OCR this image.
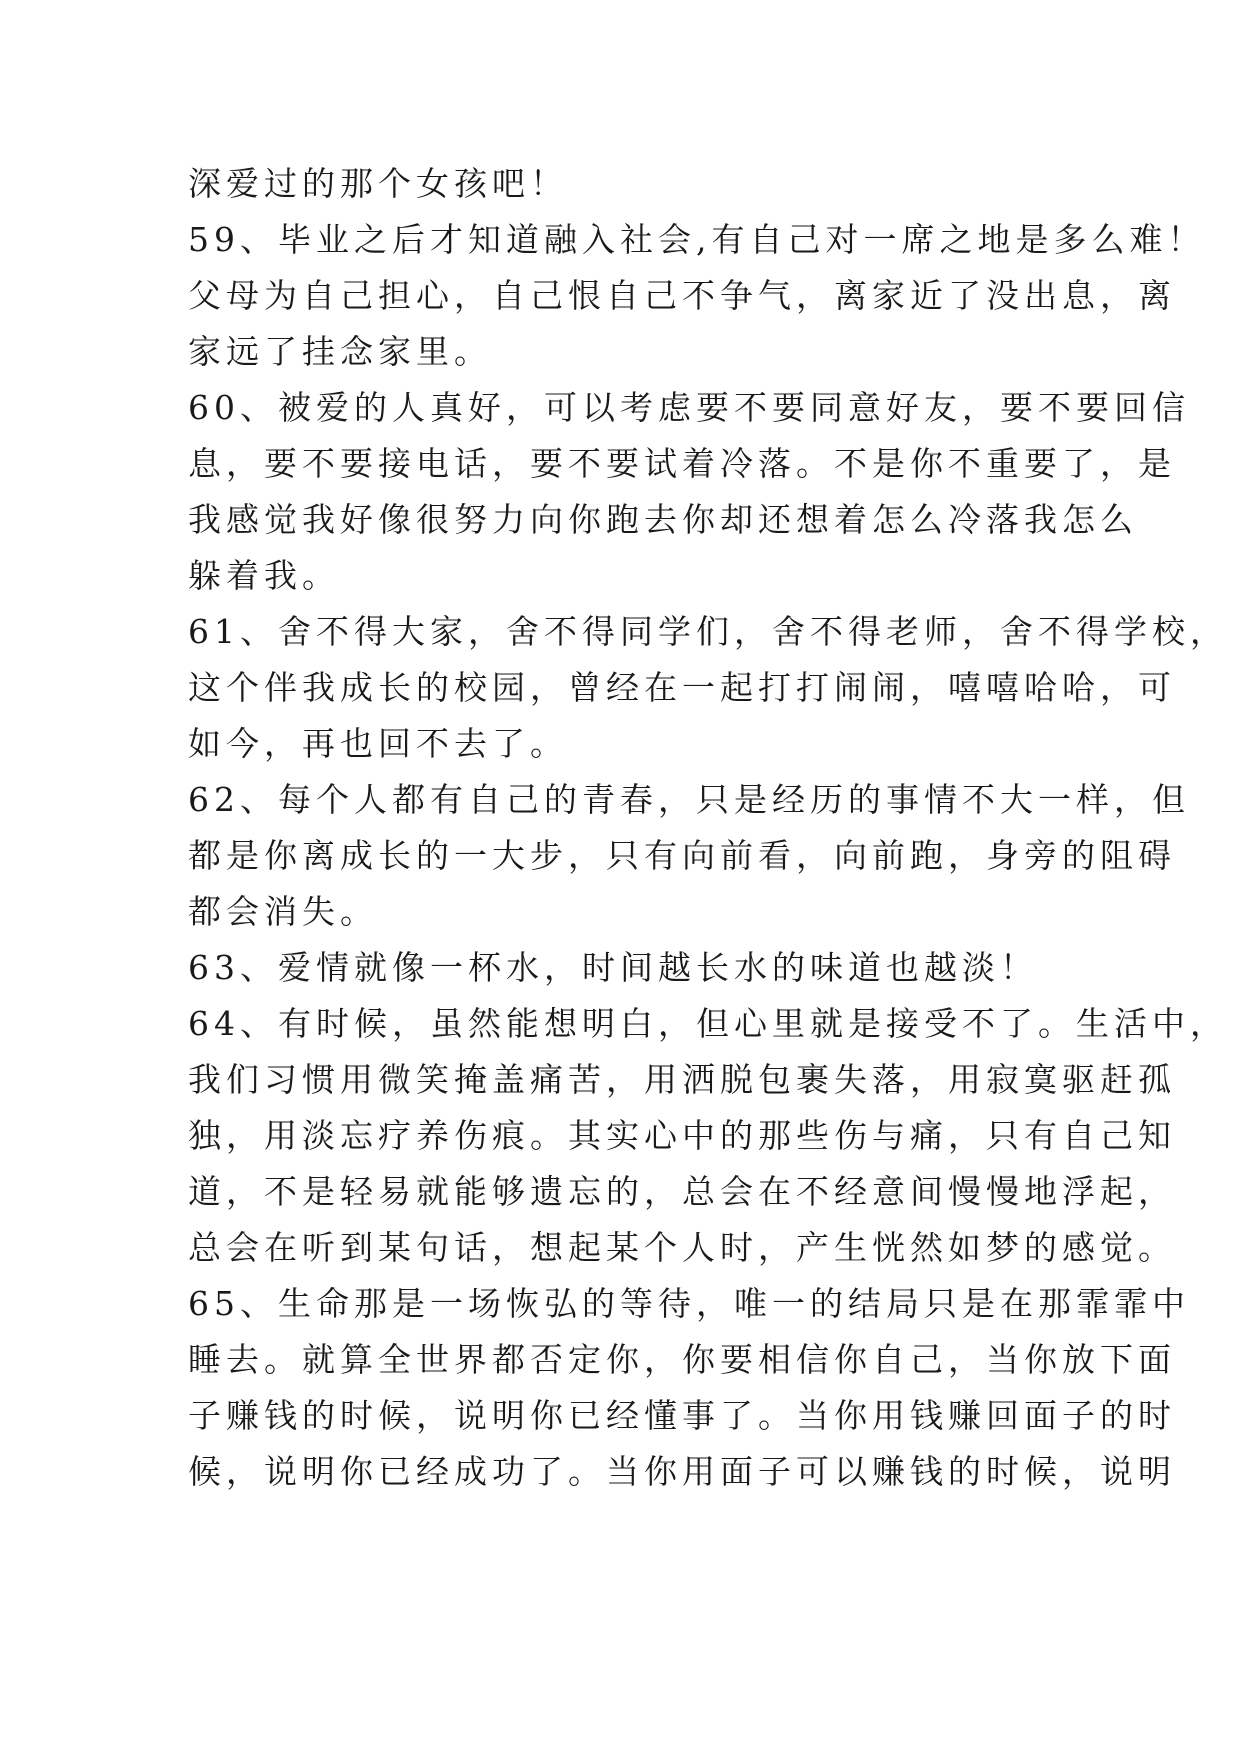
深爱过的那个女孩吧！
59、毕业之后才知道融入社会,有自己对一席之地是多么难！
父母为自己担心，自己恨自己不争气，离家近了没出息，离
家远了挂念家里。
60、被爱的人真好，可以考虑要不要同意好友，要不要回信
息，要不要接电话，要不要试着冷落。不是你不重要了，是
我感觉我好像很努力向你跑去你却还想着怎么冷落我怎么
躲着我。
61、舍不得大家，舍不得同学们，舍不得老师，舍不得学校，
这个伴我成长的校园，曾经在一起打打闹闹，嘻嘻哈哈，可
如今，再也回不去了。
62、每个人都有自己的青春，只是经历的事情不大一样，但
都是你离成长的一大步，只有向前看，向前跑，身旁的阻碍
都会消失。
63、爱情就像一杯水，时间越长水的味道也越淡！
64、有时候，虽然能想明白，但心里就是接受不了。生活中，
我们习惯用微笑掩盖痛苦，用洒脱包裹失落，用寂寞驱赶孤
独，用淡忘疗养伤痕。其实心中的那些伤与痛，只有自己知
道，不是轻易就能够遗忘的，总会在不经意间慢慢地浮起，
总会在听到某句话，想起某个人时，产生恍然如梦的感觉。
65、生命那是一场恢弘的等待，唯一的结局只是在那霏霏中
睡去。就算全世界都否定你，你要相信你自己，当你放下面
子赚钱的时候，说明你已经懂事了。当你用钱赚回面子的时
候，说明你已经成功了。当你用面子可以赚钱的时候，说明
